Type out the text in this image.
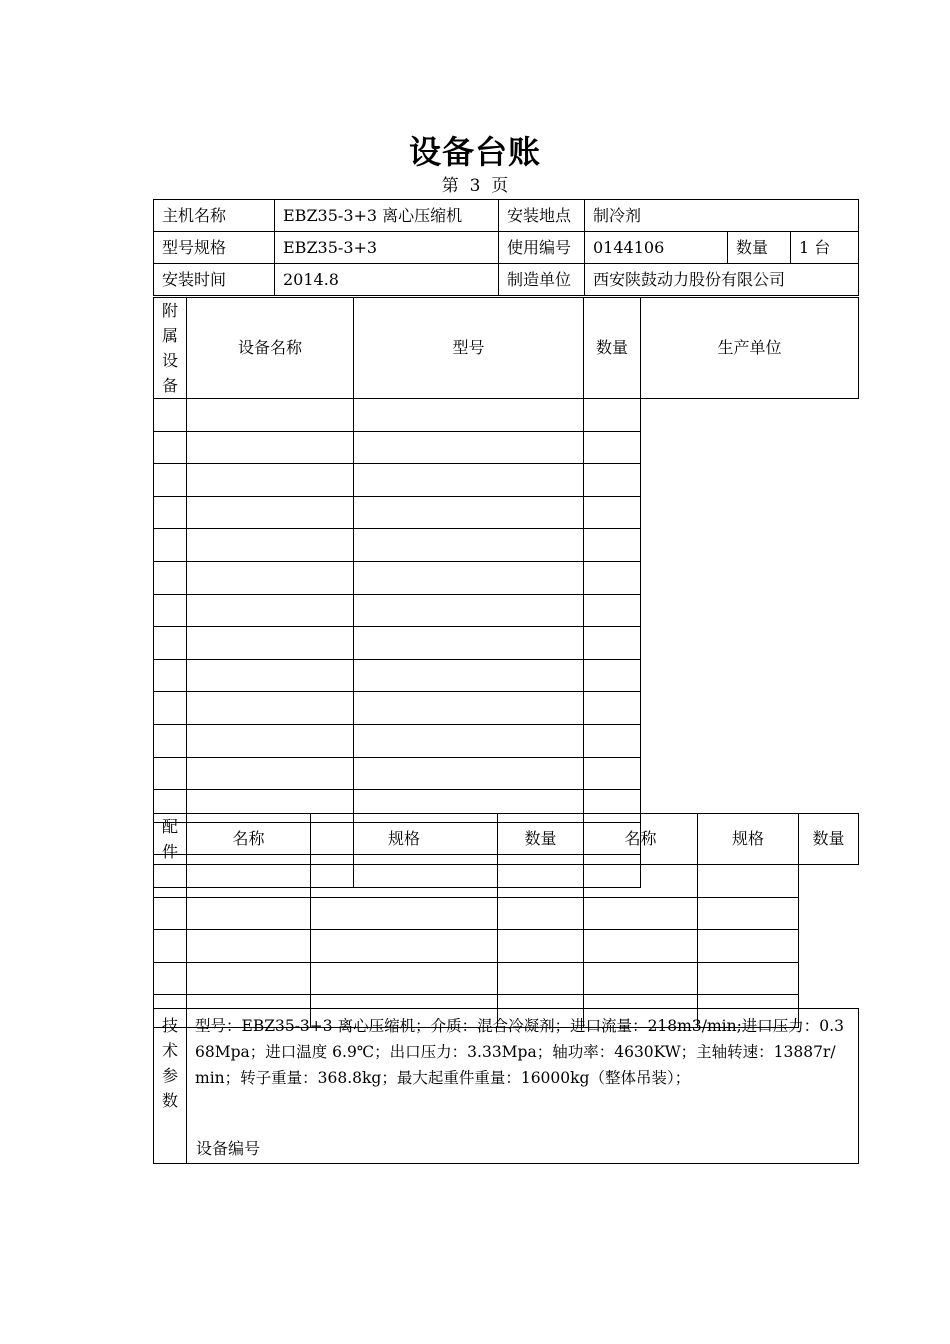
设备台账
第  3  页
主机名称	EBZ35-3+3 离心压缩机	安装地点	制冷剂		
型号规格	EBZ35-3+3	使用编号	0144106	数量	1 台
安装时间	2014.8	制造单位	西安陕鼓动力股份有限公司		
附属设备	设备名称	型号	数量	生产单位

配件	名称	规格	数量	名称	规格	数量

技术参数	
型号：EBZ35-3+3 离心压缩机；介质：混合冷凝剂；进口流量：218m3/min;进口压力：0.368Mpa；进口温度 6.9℃；出口压力：3.33Mpa；轴功率：4630KW；主轴转速：13887r/min；转子重量：368.8kg；最大起重件重量：16000kg（整体吊装）；
设备编号
